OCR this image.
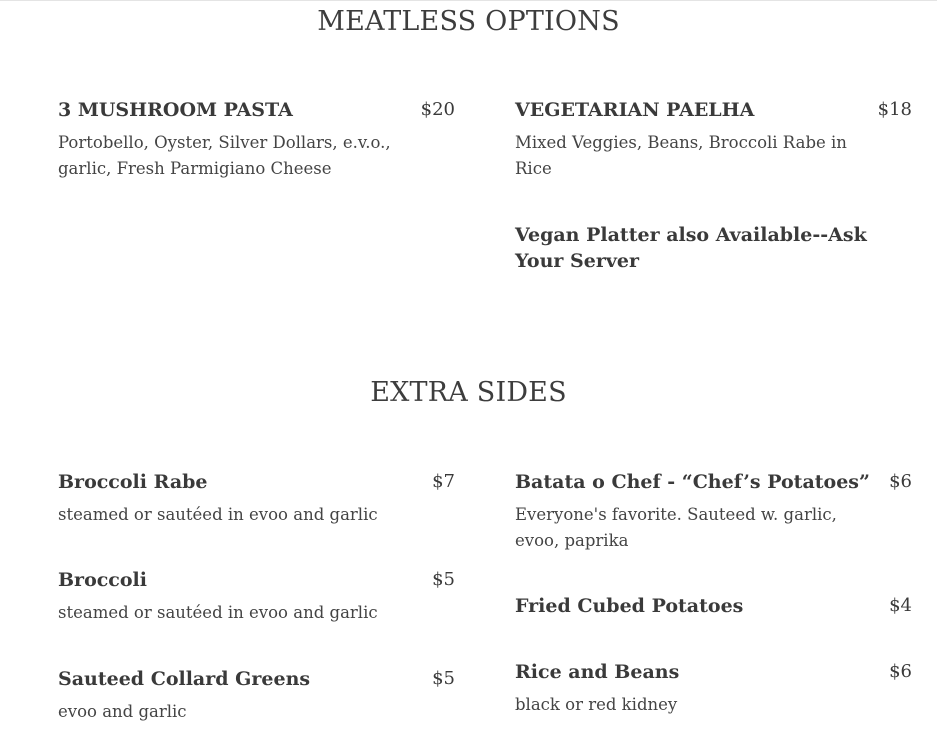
MEATLESS OPTIONS
3 MUSHROOM PASTA	$20
Portobello, Oyster, Silver Dollars, e.v.o., garlic, Fresh Parmigiano Cheese
VEGETARIAN PAELHA	$18
Mixed Veggies, Beans, Broccoli Rabe in Rice
Vegan Platter also Available--Ask Your Server
EXTRA SIDES
Broccoli Rabe	$7
steamed or sautéed in evoo and garlic
Batata o Chef - “Chef’s Potatoes” $6
Everyone's favorite. Sauteed w. garlic, evoo, paprika
Broccoli	$5
steamed or sautéed in evoo and garlic	Fried Cubed Potatoes	$4
Sauteed Collard Greens	$5
evoo and garlic
Rice and Beans	$6
black or red kidney
